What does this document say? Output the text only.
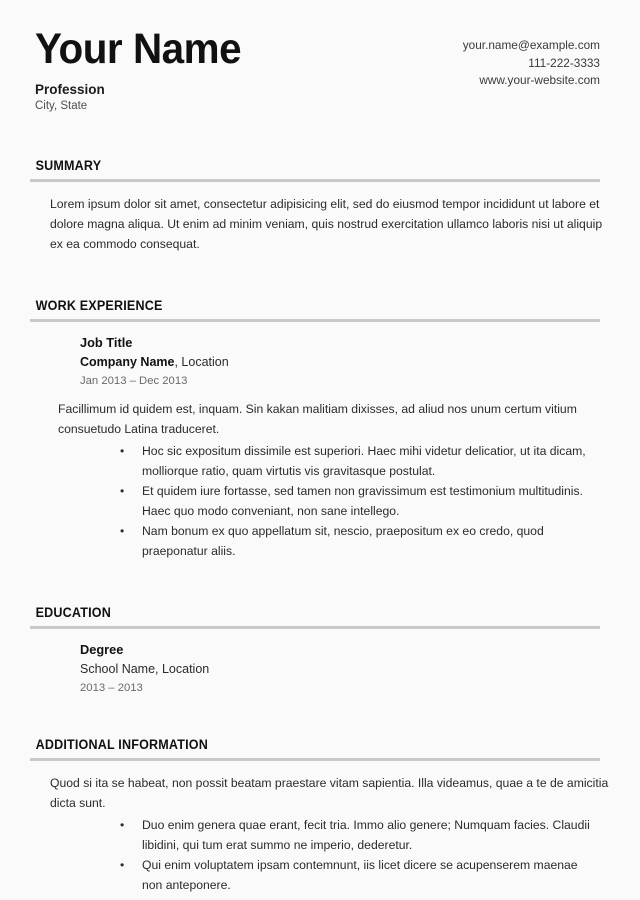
Your Name
Profession
City, State
your.name@example.com
111-222-3333
www.your-website.com
SUMMARY
Lorem ipsum dolor sit amet, consectetur adipisicing elit, sed do eiusmod tempor incididunt ut labore et dolore magna aliqua. Ut enim ad minim veniam, quis nostrud exercitation ullamco laboris nisi ut aliquip ex ea commodo consequat.
WORK EXPERIENCE
Job Title
Company Name, Location
Jan 2013 – Dec 2013
Facillimum id quidem est, inquam. Sin kakan malitiam dixisses, ad aliud nos unum certum vitium consuetudo Latina traduceret.
• Hoc sic expositum dissimile est superiori. Haec mihi videtur delicatior, ut ita dicam, molliorque ratio, quam virtutis vis gravitasque postulat.
• Et quidem iure fortasse, sed tamen non gravissimum est testimonium multitudinis. Haec quo modo conveniant, non sane intellego.
• Nam bonum ex quo appellatum sit, nescio, praepositum ex eo credo, quod praeponatur aliis.
EDUCATION
Degree
School Name, Location
2013 – 2013
ADDITIONAL INFORMATION
Quod si ita se habeat, non possit beatam praestare vitam sapientia. Illa videamus, quae a te de amicitia dicta sunt.
• Duo enim genera quae erant, fecit tria. Immo alio genere; Numquam facies. Claudii libidini, qui tum erat summo ne imperio, dederetur.
• Qui enim voluptatem ipsam contemnunt, iis licet dicere se acupenserem maenae non anteponere.
